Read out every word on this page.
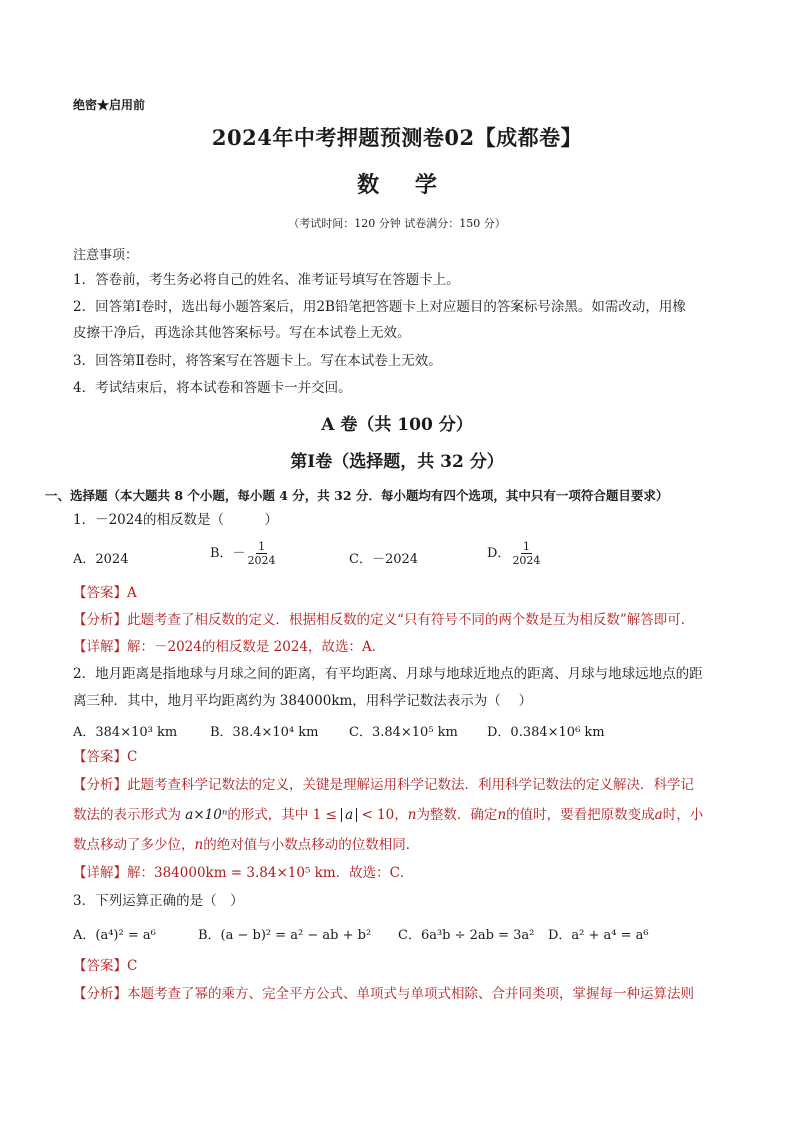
绝密★启用前
2024年中考押题预测卷02【成都卷】
数 学
（考试时间：120 分钟 试卷满分：150 分）
注意事项：
1．答卷前，考生务必将自己的姓名、准考证号填写在答题卡上。
2．回答第Ⅰ卷时，选出每小题答案后，用2B铅笔把答题卡上对应题目的答案标号涂黑。如需改动，用橡
皮擦干净后，再选涂其他答案标号。写在本试卷上无效。
3．回答第Ⅱ卷时，将答案写在答题卡上。写在本试卷上无效。
4．考试结束后，将本试卷和答题卡一并交回。
A 卷（共 100 分）
第Ⅰ卷（选择题，共 32 分）
一、选择题（本大题共 8 个小题，每小题 4 分，共 32 分．每小题均有四个选项，其中只有一项符合题目要求）
1．－2024的相反数是（　　　）
A．2024	B．－ $\frac{1}{2024}$	C．－2024	D． $\frac{1}{2024}$
【答案】A
【分析】此题考查了相反数的定义．根据相反数的定义“只有符号不同的两个数是互为相反数”解答即可．
【详解】解：－2024的相反数是 2024，故选：A．
2．地月距离是指地球与月球之间的距离，有平均距离、月球与地球近地点的距离、月球与地球远地点的距
离三种．其中，地月平均距离约为 384000km，用科学记数法表示为（　 ）
A．384×10³ km	B．38.4×10⁴ km C．3.84×10⁵ km D．0.384×10⁶ km
【答案】C
【分析】此题考查科学记数法的定义，关键是理解运用科学记数法．利用科学记数法的定义解决．科学记
数法的表示形式为 a×10ⁿ的形式，其中 1 ≤ a < 10，n为整数．确定n的值时，要看把原数变成a时，小
数点移动了多少位，n的绝对值与小数点移动的位数相同．
【详解】解：384000km = 3.84×10⁵ km．故选：C．
3．下列运算正确的是（　）
A．(a⁴)² = a⁶	B．(a − b)² = a² − ab + b² C．6a³b ÷ 2ab = 3a² D．a² + a⁴ = a⁶
【答案】C
【分析】本题考查了幂的乘方、完全平方公式、单项式与单项式相除、合并同类项，掌握每一种运算法则
